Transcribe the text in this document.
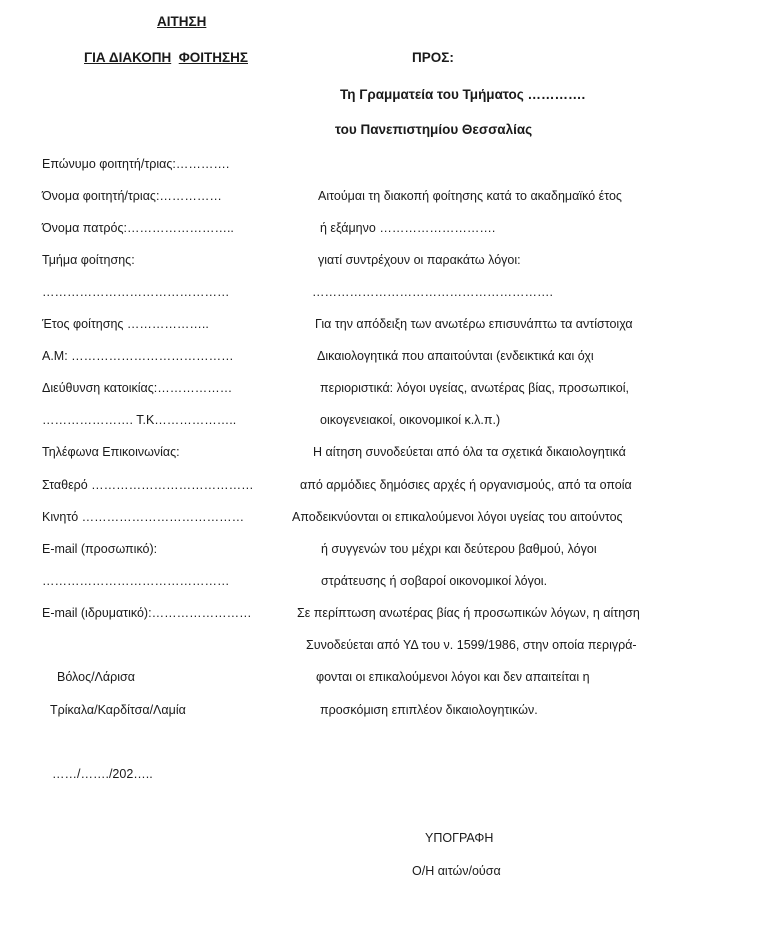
ΑΙΤΗΣΗ
ΓΙΑ ΔΙΑΚΟΠΗ ΦΟΙΤΗΣΗΣ	ΠΡΟΣ:
Τη Γραμματεία του Τμήματος ………….
του Πανεπιστημίου Θεσσαλίας
Επώνυμο φοιτητή/τριας:………….
Όνομα φοιτητή/τριας:……………
Όνομα πατρός:……………………..
Τμήμα φοίτησης:
………………………………………
Έτος φοίτησης ………………..
Α.Μ: …………………………………
Διεύθυνση κατοικίας:………………
…………………. Τ.Κ………………..
Τηλέφωνα Επικοινωνίας:
Σταθερό …………………………………
Κινητό …………………………………
E-mail (προσωπικό):
………………………………………
E-mail (ιδρυματικό):……………………
Βόλος/Λάρισα
Τρίκαλα/Καρδίτσα/Λαμία
……/……./202…..
Αιτούμαι τη διακοπή φοίτησης κατά το ακαδημαϊκό έτος
ή εξάμηνο ……………………….
γιατί συντρέχουν οι παρακάτω λόγοι:
………………………………………………….
Για την απόδειξη των ανωτέρω επισυνάπτω τα αντίστοιχα
Δικαιολογητικά που απαιτούνται (ενδεικτικά και όχι
περιοριστικά: λόγοι υγείας, ανωτέρας βίας, προσωπικοί,
οικογενειακοί, οικονομικοί κ.λ.π.)
Η αίτηση συνοδεύεται από όλα τα σχετικά δικαιολογητικά
από αρμόδιες δημόσιες αρχές ή οργανισμούς, από τα οποία
Αποδεικνύονται οι επικαλούμενοι λόγοι υγείας του αιτούντος
ή συγγενών του μέχρι και δεύτερου βαθμού, λόγοι
στράτευσης ή σοβαροί οικονομικοί λόγοι.
Σε περίπτωση ανωτέρας βίας ή προσωπικών λόγων, η αίτηση
Συνοδεύεται από ΥΔ του ν. 1599/1986, στην οποία περιγρά-
φονται οι επικαλούμενοι λόγοι και δεν απαιτείται η
προσκόμιση επιπλέον δικαιολογητικών.
ΥΠΟΓΡΑΦΗ
Ο/Η αιτών/ούσα
